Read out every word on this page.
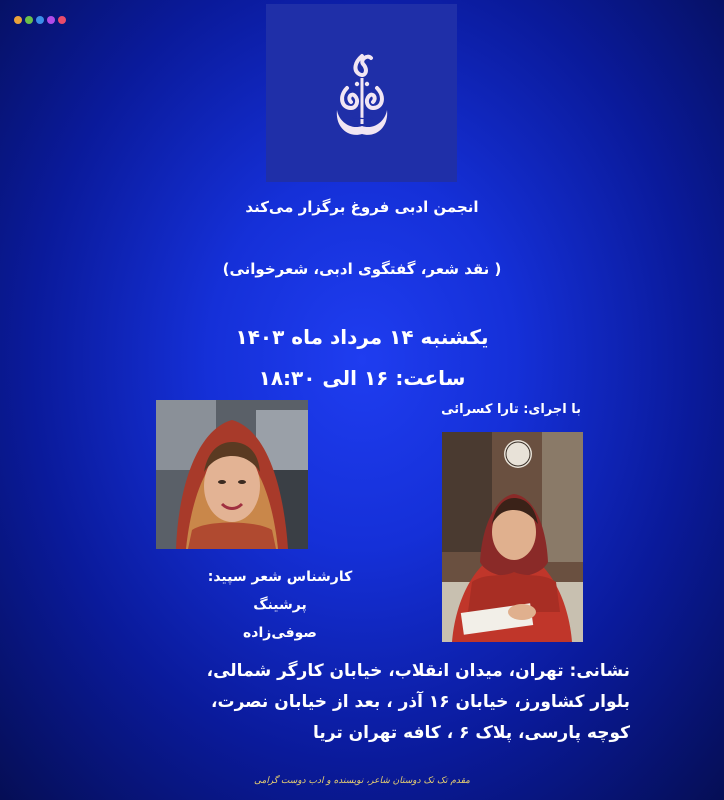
انجمن ادبی فروغ برگزار می‌کند
( نقد شعر، گفتگوی ادبی، شعرخوانی)
یکشنبه ۱۴ مرداد ماه ۱۴۰۳
ساعت: ۱۶ الی ۱۸:۳۰
با اجرای: تارا کسرائی
کارشناس شعر سپید: پرشینگ
صوفی‌زاده
نشانی: تهران، میدان انقلاب، خیابان کارگر شمالی،
بلوار کشاورز، خیابان ۱۶ آذر ، بعد از خیابان نصرت،
کوچه پارسی، پلاک ۶ ، کافه تهران تریا
مقدم تک تک دوستان شاعر، نویسنده و ادب دوست گرامی
